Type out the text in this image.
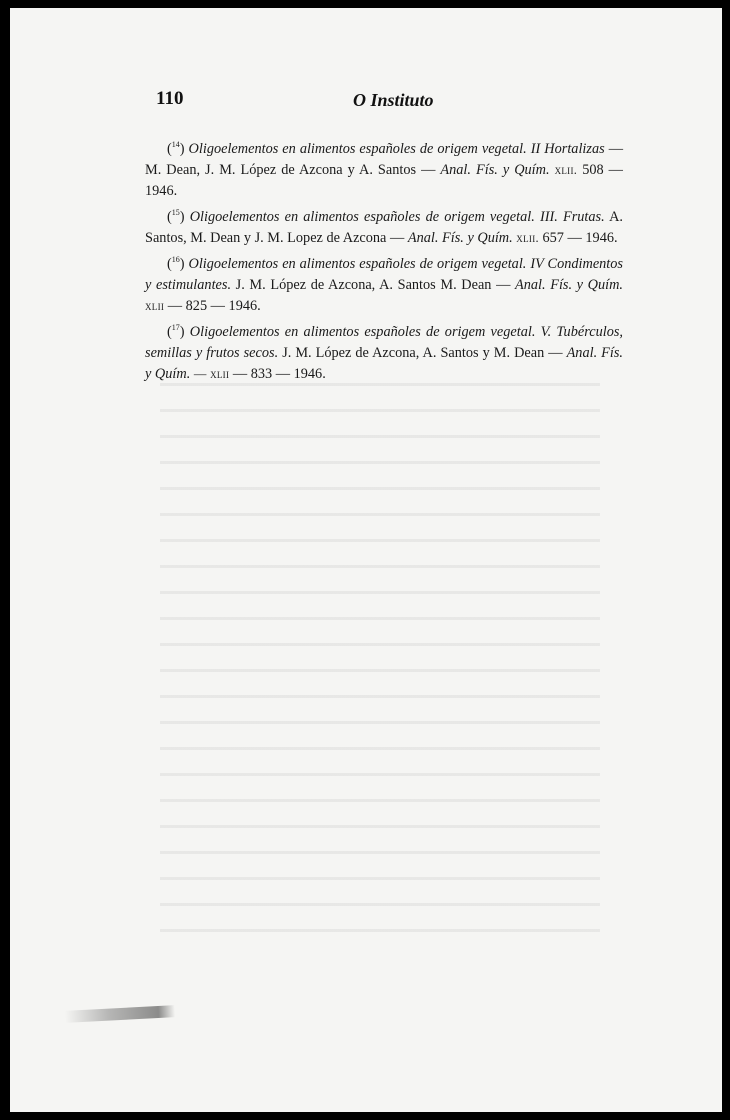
110	O Instituto

($^{14}$) Oligoelementos en alimentos españoles de origem vegetal. II Hortalizas — M. Dean, J. M. López de Azcona y A. Santos — Anal. Fís. y Quím. xlii. 508 — 1946.

($^{15}$) Oligoelementos en alimentos españoles de origem vegetal. III. Frutas. A. Santos, M. Dean y J. M. Lopez de Azcona — Anal. Fís. y Quím. xlii. 657 — 1946.

($^{16}$) Oligoelementos en alimentos españoles de origem vegetal. IV Condimentos y estimulantes. J. M. López de Azcona, A. Santos M. Dean — Anal. Fís. y Quím. xlii — 825 — 1946.

($^{17}$) Oligoelementos en alimentos españoles de origem vegetal. V. Tubérculos, semillas y frutos secos. J. M. López de Azcona, A. Santos y M. Dean — Anal. Fís. y Quím. — xlii — 833 — 1946.
